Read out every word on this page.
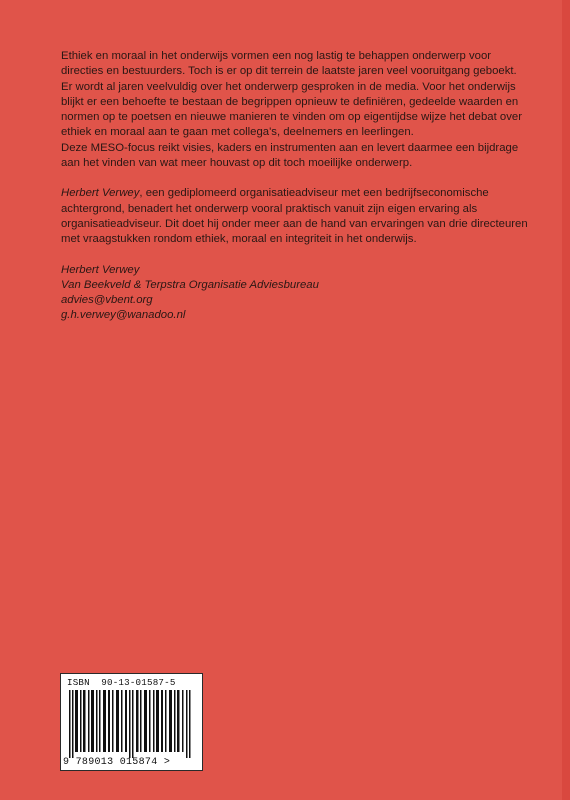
Ethiek en moraal in het onderwijs vormen een nog lastig te behappen onderwerp voor directies en bestuurders. Toch is er op dit terrein de laatste jaren veel vooruitgang geboekt. Er wordt al jaren veelvuldig over het onderwerp gesproken in de media. Voor het onderwijs blijkt er een behoefte te bestaan de begrippen opnieuw te definiëren, gedeelde waarden en normen op te poetsen en nieuwe manieren te vinden om op eigentijdse wijze het debat over ethiek en moraal aan te gaan met collega's, deelnemers en leerlingen.

Deze MESO-focus reikt visies, kaders en instrumenten aan en levert daarmee een bijdrage aan het vinden van wat meer houvast op dit toch moeilijke onderwerp.

Herbert Verwey, een gediplomeerd organisatieadviseur met een bedrijfseconomische achtergrond, benadert het onderwerp vooral praktisch vanuit zijn eigen ervaring als organisatieadviseur. Dit doet hij onder meer aan de hand van ervaringen van drie directeuren met vraagstukken rondom ethiek, moraal en integriteit in het onderwijs.

Herbert Verwey
Van Beekveld & Terpstra Organisatie Adviesbureau
advies@vbent.org
g.h.verwey@wanadoo.nl
ISBN  90-13-01587-5
9 789013 015874 >
